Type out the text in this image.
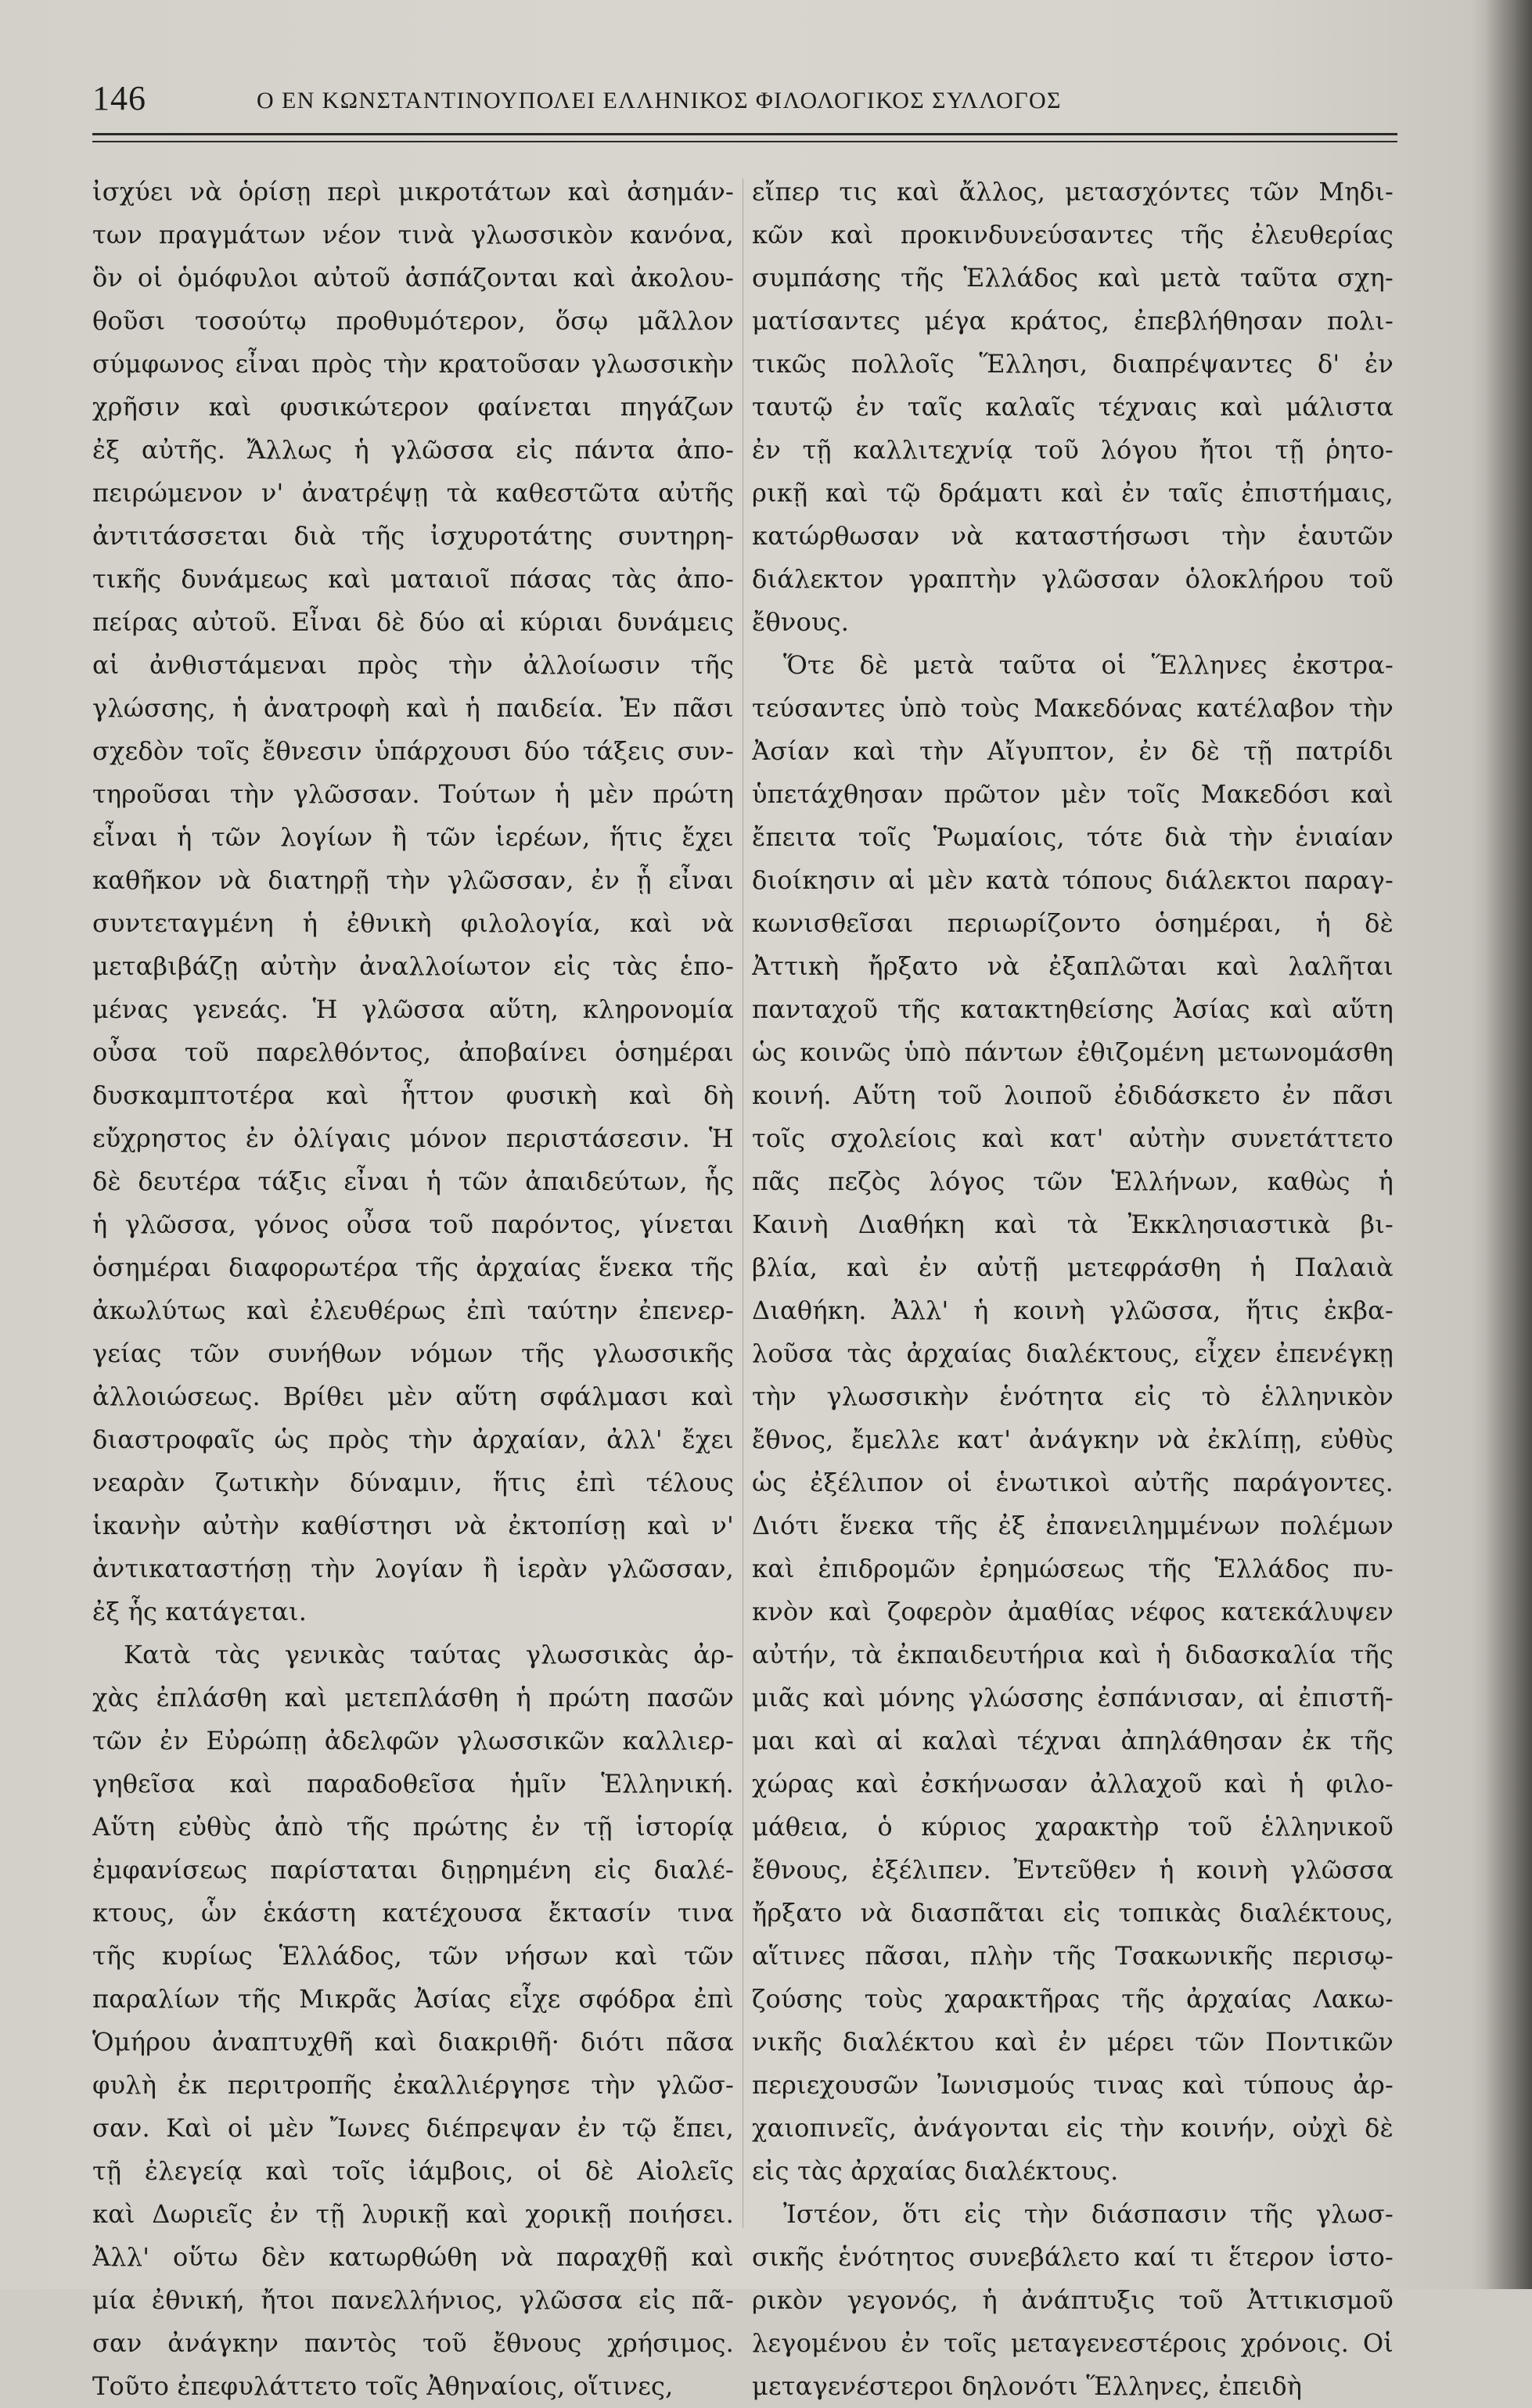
146	Ο ΕΝ ΚΩΝΣΤΑΝΤΙΝΟΥΠΟΛΕΙ ΕΛΛΗΝΙΚΟΣ ΦΙΛΟΛΟΓΙΚΟΣ ΣΥΛΛΟΓΟΣ
ἰσχύει νὰ ὁρίσῃ περὶ μικροτάτων καὶ ἀσημάν-
των πραγμάτων νέον τινὰ γλωσσικὸν κανόνα,
ὃν οἱ ὁμόφυλοι αὐτοῦ ἀσπάζονται καὶ ἀκολου-
θοῦσι τοσούτῳ προθυμότερον, ὅσῳ μᾶλλον
σύμφωνος εἶναι πρὸς τὴν κρατοῦσαν γλωσσικὴν
χρῆσιν καὶ φυσικώτερον φαίνεται πηγάζων
ἐξ αὐτῆς. Ἄλλως ἡ γλῶσσα εἰς πάντα ἀπο-
πειρώμενον ν' ἀνατρέψῃ τὰ καθεστῶτα αὐτῆς
ἀντιτάσσεται διὰ τῆς ἰσχυροτάτης συντηρη-
τικῆς δυνάμεως καὶ ματαιοῖ πάσας τὰς ἀπο-
πείρας αὐτοῦ. Εἶναι δὲ δύο αἱ κύριαι δυνάμεις
αἱ ἀνθιστάμεναι πρὸς τὴν ἀλλοίωσιν τῆς
γλώσσης, ἡ ἀνατροφὴ καὶ ἡ παιδεία. Ἐν πᾶσι
σχεδὸν τοῖς ἔθνεσιν ὑπάρχουσι δύο τάξεις συν-
τηροῦσαι τὴν γλῶσσαν. Τούτων ἡ μὲν πρώτη
εἶναι ἡ τῶν λογίων ἢ τῶν ἱερέων, ἥτις ἔχει
καθῆκον νὰ διατηρῇ τὴν γλῶσσαν, ἐν ᾗ εἶναι
συντεταγμένη ἡ ἐθνικὴ φιλολογία, καὶ νὰ
μεταβιβάζῃ αὐτὴν ἀναλλοίωτον εἰς τὰς ἑπο-
μένας γενεάς. Ἡ γλῶσσα αὕτη, κληρονομία
οὖσα τοῦ παρελθόντος, ἀποβαίνει ὁσημέραι
δυσκαμπτοτέρα καὶ ἧττον φυσικὴ καὶ δὴ
εὔχρηστος ἐν ὀλίγαις μόνον περιστάσεσιν. Ἡ
δὲ δευτέρα τάξις εἶναι ἡ τῶν ἀπαιδεύτων, ἧς
ἡ γλῶσσα, γόνος οὖσα τοῦ παρόντος, γίνεται
ὁσημέραι διαφορωτέρα τῆς ἀρχαίας ἕνεκα τῆς
ἀκωλύτως καὶ ἐλευθέρως ἐπὶ ταύτην ἐπενερ-
γείας τῶν συνήθων νόμων τῆς γλωσσικῆς
ἀλλοιώσεως. Βρίθει μὲν αὕτη σφάλμασι καὶ
διαστροφαῖς ὡς πρὸς τὴν ἀρχαίαν, ἀλλ' ἔχει
νεαρὰν ζωτικὴν δύναμιν, ἥτις ἐπὶ τέλους
ἱκανὴν αὐτὴν καθίστησι νὰ ἐκτοπίσῃ καὶ ν'
ἀντικαταστήσῃ τὴν λογίαν ἢ ἱερὰν γλῶσσαν,
ἐξ ἧς κατάγεται.
Κατὰ τὰς γενικὰς ταύτας γλωσσικὰς ἀρ-
χὰς ἐπλάσθη καὶ μετεπλάσθη ἡ πρώτη πασῶν
τῶν ἐν Εὐρώπῃ ἀδελφῶν γλωσσικῶν καλλιερ-
γηθεῖσα καὶ παραδοθεῖσα ἡμῖν Ἑλληνική.
Αὕτη εὐθὺς ἀπὸ τῆς πρώτης ἐν τῇ ἱστορίᾳ
ἐμφανίσεως παρίσταται διῃρημένη εἰς διαλέ-
κτους, ὧν ἑκάστη κατέχουσα ἔκτασίν τινα
τῆς κυρίως Ἑλλάδος, τῶν νήσων καὶ τῶν
παραλίων τῆς Μικρᾶς Ἀσίας εἶχε σφόδρα ἐπὶ
Ὁμήρου ἀναπτυχθῆ καὶ διακριθῆ· διότι πᾶσα
φυλὴ ἐκ περιτροπῆς ἐκαλλιέργησε τὴν γλῶσ-
σαν. Καὶ οἱ μὲν Ἴωνες διέπρεψαν ἐν τῷ ἔπει,
τῇ ἐλεγείᾳ καὶ τοῖς ἰάμβοις, οἱ δὲ Αἰολεῖς
καὶ Δωριεῖς ἐν τῇ λυρικῇ καὶ χορικῇ ποιήσει.
Ἀλλ' οὕτω δὲν κατωρθώθη νὰ παραχθῇ καὶ
μία ἐθνική, ἤτοι πανελλήνιος, γλῶσσα εἰς πᾶ-
σαν ἀνάγκην παντὸς τοῦ ἔθνους χρήσιμος.
Τοῦτο ἐπεφυλάττετο τοῖς Ἀθηναίοις, οἵτινες,
εἴπερ τις καὶ ἄλλος, μετασχόντες τῶν Μηδι-
κῶν καὶ προκινδυνεύσαντες τῆς ἐλευθερίας
συμπάσης τῆς Ἑλλάδος καὶ μετὰ ταῦτα σχη-
ματίσαντες μέγα κράτος, ἐπεβλήθησαν πολι-
τικῶς πολλοῖς Ἕλλησι, διαπρέψαντες δ' ἐν
ταυτῷ ἐν ταῖς καλαῖς τέχναις καὶ μάλιστα
ἐν τῇ καλλιτεχνίᾳ τοῦ λόγου ἤτοι τῇ ῥητο-
ρικῇ καὶ τῷ δράματι καὶ ἐν ταῖς ἐπιστήμαις,
κατώρθωσαν νὰ καταστήσωσι τὴν ἑαυτῶν
διάλεκτον γραπτὴν γλῶσσαν ὁλοκλήρου τοῦ
ἔθνους.
Ὅτε δὲ μετὰ ταῦτα οἱ Ἕλληνες ἐκστρα-
τεύσαντες ὑπὸ τοὺς Μακεδόνας κατέλαβον τὴν
Ἀσίαν καὶ τὴν Αἴγυπτον, ἐν δὲ τῇ πατρίδι
ὑπετάχθησαν πρῶτον μὲν τοῖς Μακεδόσι καὶ
ἔπειτα τοῖς Ῥωμαίοις, τότε διὰ τὴν ἑνιαίαν
διοίκησιν αἱ μὲν κατὰ τόπους διάλεκτοι παραγ-
κωνισθεῖσαι περιωρίζοντο ὁσημέραι, ἡ δὲ
Ἀττικὴ ἤρξατο νὰ ἐξαπλῶται καὶ λαλῆται
πανταχοῦ τῆς κατακτηθείσης Ἀσίας καὶ αὕτη
ὡς κοινῶς ὑπὸ πάντων ἐθιζομένη μετωνομάσθη
κοινή. Αὕτη τοῦ λοιποῦ ἐδιδάσκετο ἐν πᾶσι
τοῖς σχολείοις καὶ κατ' αὐτὴν συνετάττετο
πᾶς πεζὸς λόγος τῶν Ἑλλήνων, καθὼς ἡ
Καινὴ Διαθήκη καὶ τὰ Ἐκκλησιαστικὰ βι-
βλία, καὶ ἐν αὐτῇ μετεφράσθη ἡ Παλαιὰ
Διαθήκη. Ἀλλ' ἡ κοινὴ γλῶσσα, ἥτις ἐκβα-
λοῦσα τὰς ἀρχαίας διαλέκτους, εἶχεν ἐπενέγκῃ
τὴν γλωσσικὴν ἑνότητα εἰς τὸ ἑλληνικὸν
ἔθνος, ἔμελλε κατ' ἀνάγκην νὰ ἐκλίπῃ, εὐθὺς
ὡς ἐξέλιπον οἱ ἑνωτικοὶ αὐτῆς παράγοντες.
Διότι ἕνεκα τῆς ἐξ ἐπανειλημμένων πολέμων
καὶ ἐπιδρομῶν ἐρημώσεως τῆς Ἑλλάδος πυ-
κνὸν καὶ ζοφερὸν ἀμαθίας νέφος κατεκάλυψεν
αὐτήν, τὰ ἐκπαιδευτήρια καὶ ἡ διδασκαλία τῆς
μιᾶς καὶ μόνης γλώσσης ἐσπάνισαν, αἱ ἐπιστῆ-
μαι καὶ αἱ καλαὶ τέχναι ἀπηλάθησαν ἐκ τῆς
χώρας καὶ ἐσκήνωσαν ἀλλαχοῦ καὶ ἡ φιλο-
μάθεια, ὁ κύριος χαρακτὴρ τοῦ ἑλληνικοῦ
ἔθνους, ἐξέλιπεν. Ἐντεῦθεν ἡ κοινὴ γλῶσσα
ἤρξατο νὰ διασπᾶται εἰς τοπικὰς διαλέκτους,
αἵτινες πᾶσαι, πλὴν τῆς Τσακωνικῆς περισῳ-
ζούσης τοὺς χαρακτῆρας τῆς ἀρχαίας Λακω-
νικῆς διαλέκτου καὶ ἐν μέρει τῶν Ποντικῶν
περιεχουσῶν Ἰωνισμούς τινας καὶ τύπους ἀρ-
χαιοπινεῖς, ἀνάγονται εἰς τὴν κοινήν, οὐχὶ δὲ
εἰς τὰς ἀρχαίας διαλέκτους.
Ἰστέον, ὅτι εἰς τὴν διάσπασιν τῆς γλωσ-
σικῆς ἑνότητος συνεβάλετο καί τι ἕτερον ἱστο-
ρικὸν γεγονός, ἡ ἀνάπτυξις τοῦ Ἀττικισμοῦ
λεγομένου ἐν τοῖς μεταγενεστέροις χρόνοις. Οἱ
μεταγενέστεροι δηλονότι Ἕλληνες, ἐπειδὴ
